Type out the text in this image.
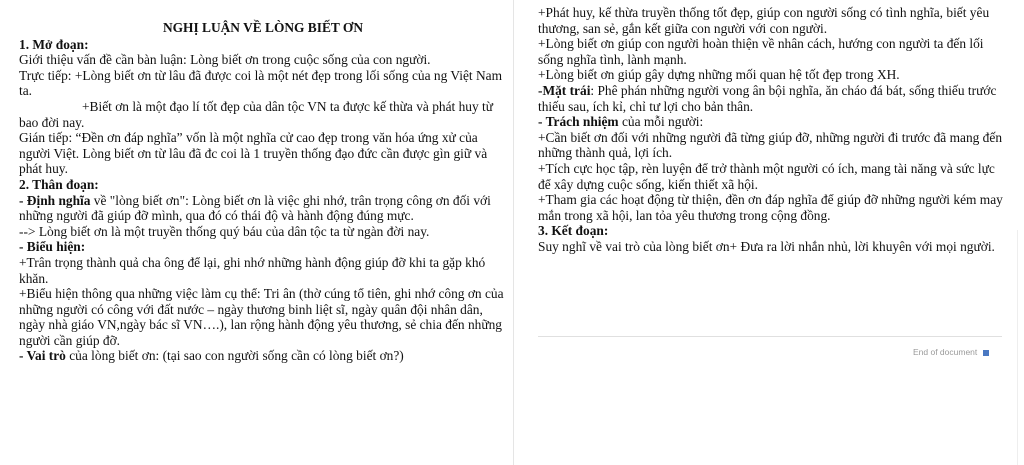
NGHỊ LUẬN VỀ LÒNG BIẾT ƠN
1. Mở đoạn:
Giới thiệu vấn đề cần bàn luận: Lòng biết ơn trong cuộc sống của con người.
Trực tiếp: +Lòng biết ơn từ lâu đã được coi là một nét đẹp trong lối sống của ng Việt Nam ta.
+Biết ơn là một đạo lí tốt đẹp của dân tộc VN ta được kế thừa và phát huy từ bao đời nay.
Gián tiếp: “Đền ơn đáp nghĩa” vốn là một nghĩa cử cao đẹp trong văn hóa ứng xử của người Việt. Lòng biết ơn từ lâu đã đc coi là 1 truyền thống đạo đức cần được gìn giữ và phát huy.
2. Thân đoạn:
- Định nghĩa về "lòng biết ơn": Lòng biết ơn là việc ghi nhớ, trân trọng công ơn đối với những người đã giúp đỡ mình, qua đó có thái độ và hành động đúng mực.
--> Lòng biết ơn là một truyền thống quý báu của dân tộc ta từ ngàn đời nay.
- Biểu hiện:
+Trân trọng thành quả cha ông để lại, ghi nhớ những hành động giúp đỡ khi ta gặp khó khăn.
+Biểu hiện thông qua những việc làm cụ thể: Tri ân (thờ cúng tổ tiên, ghi nhớ công ơn của những người có công với đất nước – ngày thương binh liệt sĩ, ngày quân đội nhân dân, ngày nhà giáo VN,ngày bác sĩ VN….), lan rộng hành động yêu thương, sẻ chia đến những người cần giúp đỡ.
- Vai trò của lòng biết ơn: (tại sao con người sống cần có lòng biết ơn?)
+Phát huy, kế thừa truyền thống tốt đẹp, giúp con người sống có tình nghĩa, biết yêu thương, san sẻ, gắn kết giữa con người với con người.
+Lòng biết ơn giúp con người hoàn thiện về nhân cách, hướng con người ta đến lối sống nghĩa tình, lành mạnh.
+Lòng biết ơn giúp gây dựng những mối quan hệ tốt đẹp trong XH.
-Mặt trái: Phê phán những người vong ân bội nghĩa, ăn cháo đá bát, sống thiếu trước thiếu sau, ích kỉ, chỉ tư lợi cho bản thân.
- Trách nhiệm của mỗi người:
+Cần biết ơn đối với những người đã từng giúp đỡ, những người đi trước đã mang đến những thành quả, lợi ích.
+Tích cực học tập, rèn luyện để trở thành một người có ích, mang tài năng và sức lực để xây dựng cuộc sống, kiến thiết xã hội.
+Tham gia các hoạt động từ thiện, đền ơn đáp nghĩa để giúp đỡ những người kém may mắn trong xã hội, lan tỏa yêu thương trong cộng đồng.
3. Kết đoạn:
Suy nghĩ về vai trò của lòng biết ơn+ Đưa ra lời nhắn nhủ, lời khuyên với mọi người.
End of document
